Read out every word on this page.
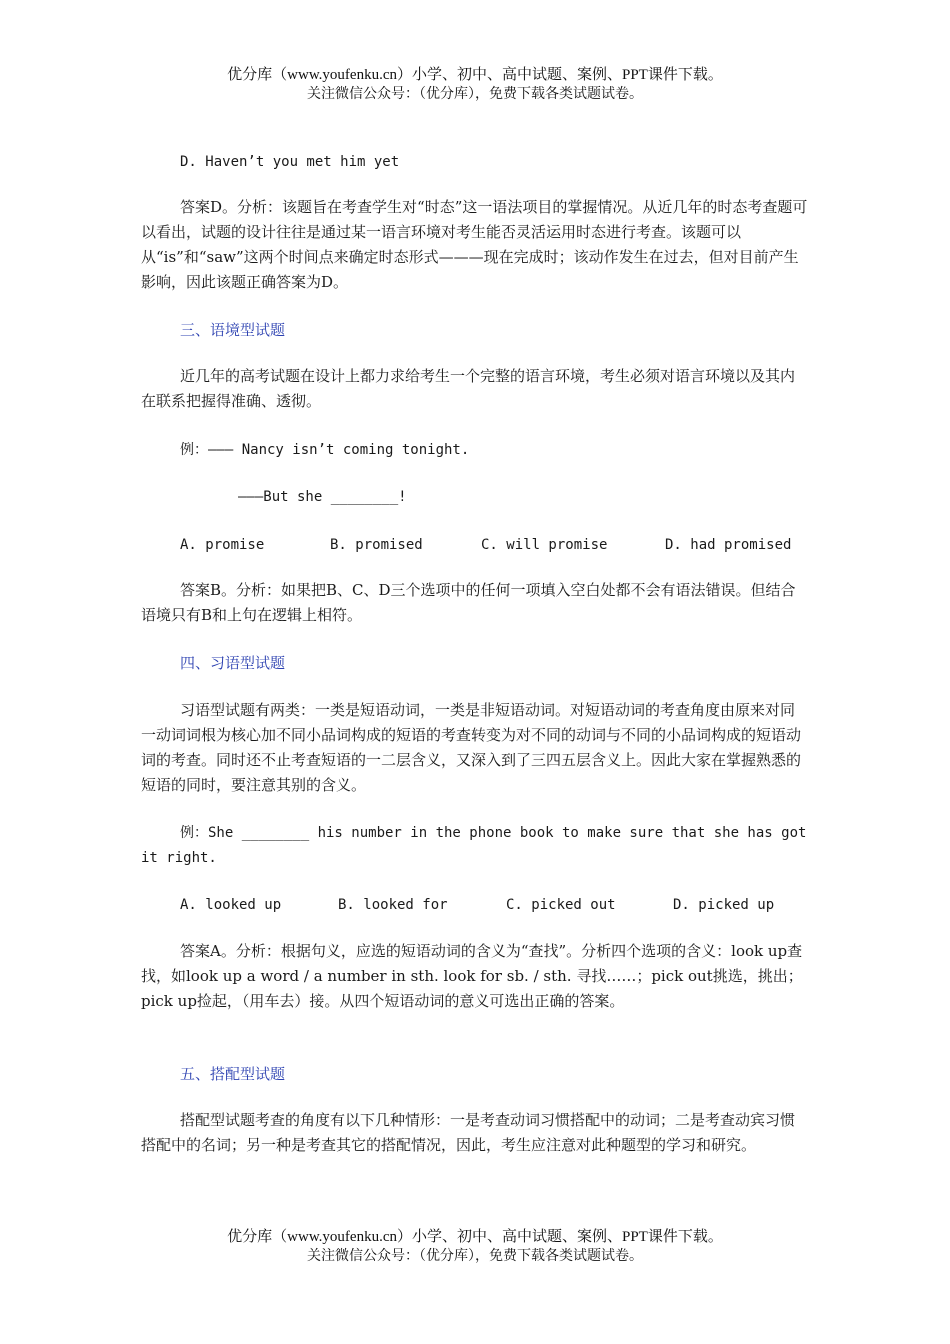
优分库（www.youfenku.cn）小学、初中、高中试题、案例、PPT课件下载。
关注微信公众号：（优分库），免费下载各类试题试卷。

D. Haven’t you met him yet

答案D。分析：该题旨在考查学生对“时态”这一语法项目的掌握情况。从近几年的时态考查题可以看出，试题的设计往往是通过某一语言环境对考生能否灵活运用时态进行考查。该题可以从“is”和“saw”这两个时间点来确定时态形式———现在完成时；该动作发生在过去，但对目前产生影响，因此该题正确答案为D。

三、语境型试题

近几年的高考试题在设计上都力求给考生一个完整的语言环境，考生必须对语言环境以及其内在联系把握得准确、透彻。

例：——— Nancy isn’t coming tonight.

———But she ________!

A. promise	B. promised	C. will promise	D. had promised

答案B。分析：如果把B、C、D三个选项中的任何一项填入空白处都不会有语法错误。但结合语境只有B和上句在逻辑上相符。

四、习语型试题

习语型试题有两类：一类是短语动词，一类是非短语动词。对短语动词的考查角度由原来对同一动词词根为核心加不同小品词构成的短语的考查转变为对不同的动词与不同的小品词构成的短语动词的考查。同时还不止考查短语的一二层含义，又深入到了三四五层含义上。因此大家在掌握熟悉的短语的同时，要注意其别的含义。

例：She ________ his number in the phone book to make sure that she has got it right.

A. looked up	B. looked for	C. picked out	D. picked up

答案A。分析：根据句义，应选的短语动词的含义为“查找”。分析四个选项的含义：look up查找，如look up a word / a number in sth. look for sb. / sth. 寻找……；pick out挑选，挑出；pick up捡起，（用车去）接。从四个短语动词的意义可选出正确的答案。

五、搭配型试题

搭配型试题考查的角度有以下几种情形：一是考查动词习惯搭配中的动词；二是考查动宾习惯搭配中的名词；另一种是考查其它的搭配情况，因此，考生应注意对此种题型的学习和研究。

优分库（www.youfenku.cn）小学、初中、高中试题、案例、PPT课件下载。
关注微信公众号：（优分库），免费下载各类试题试卷。
